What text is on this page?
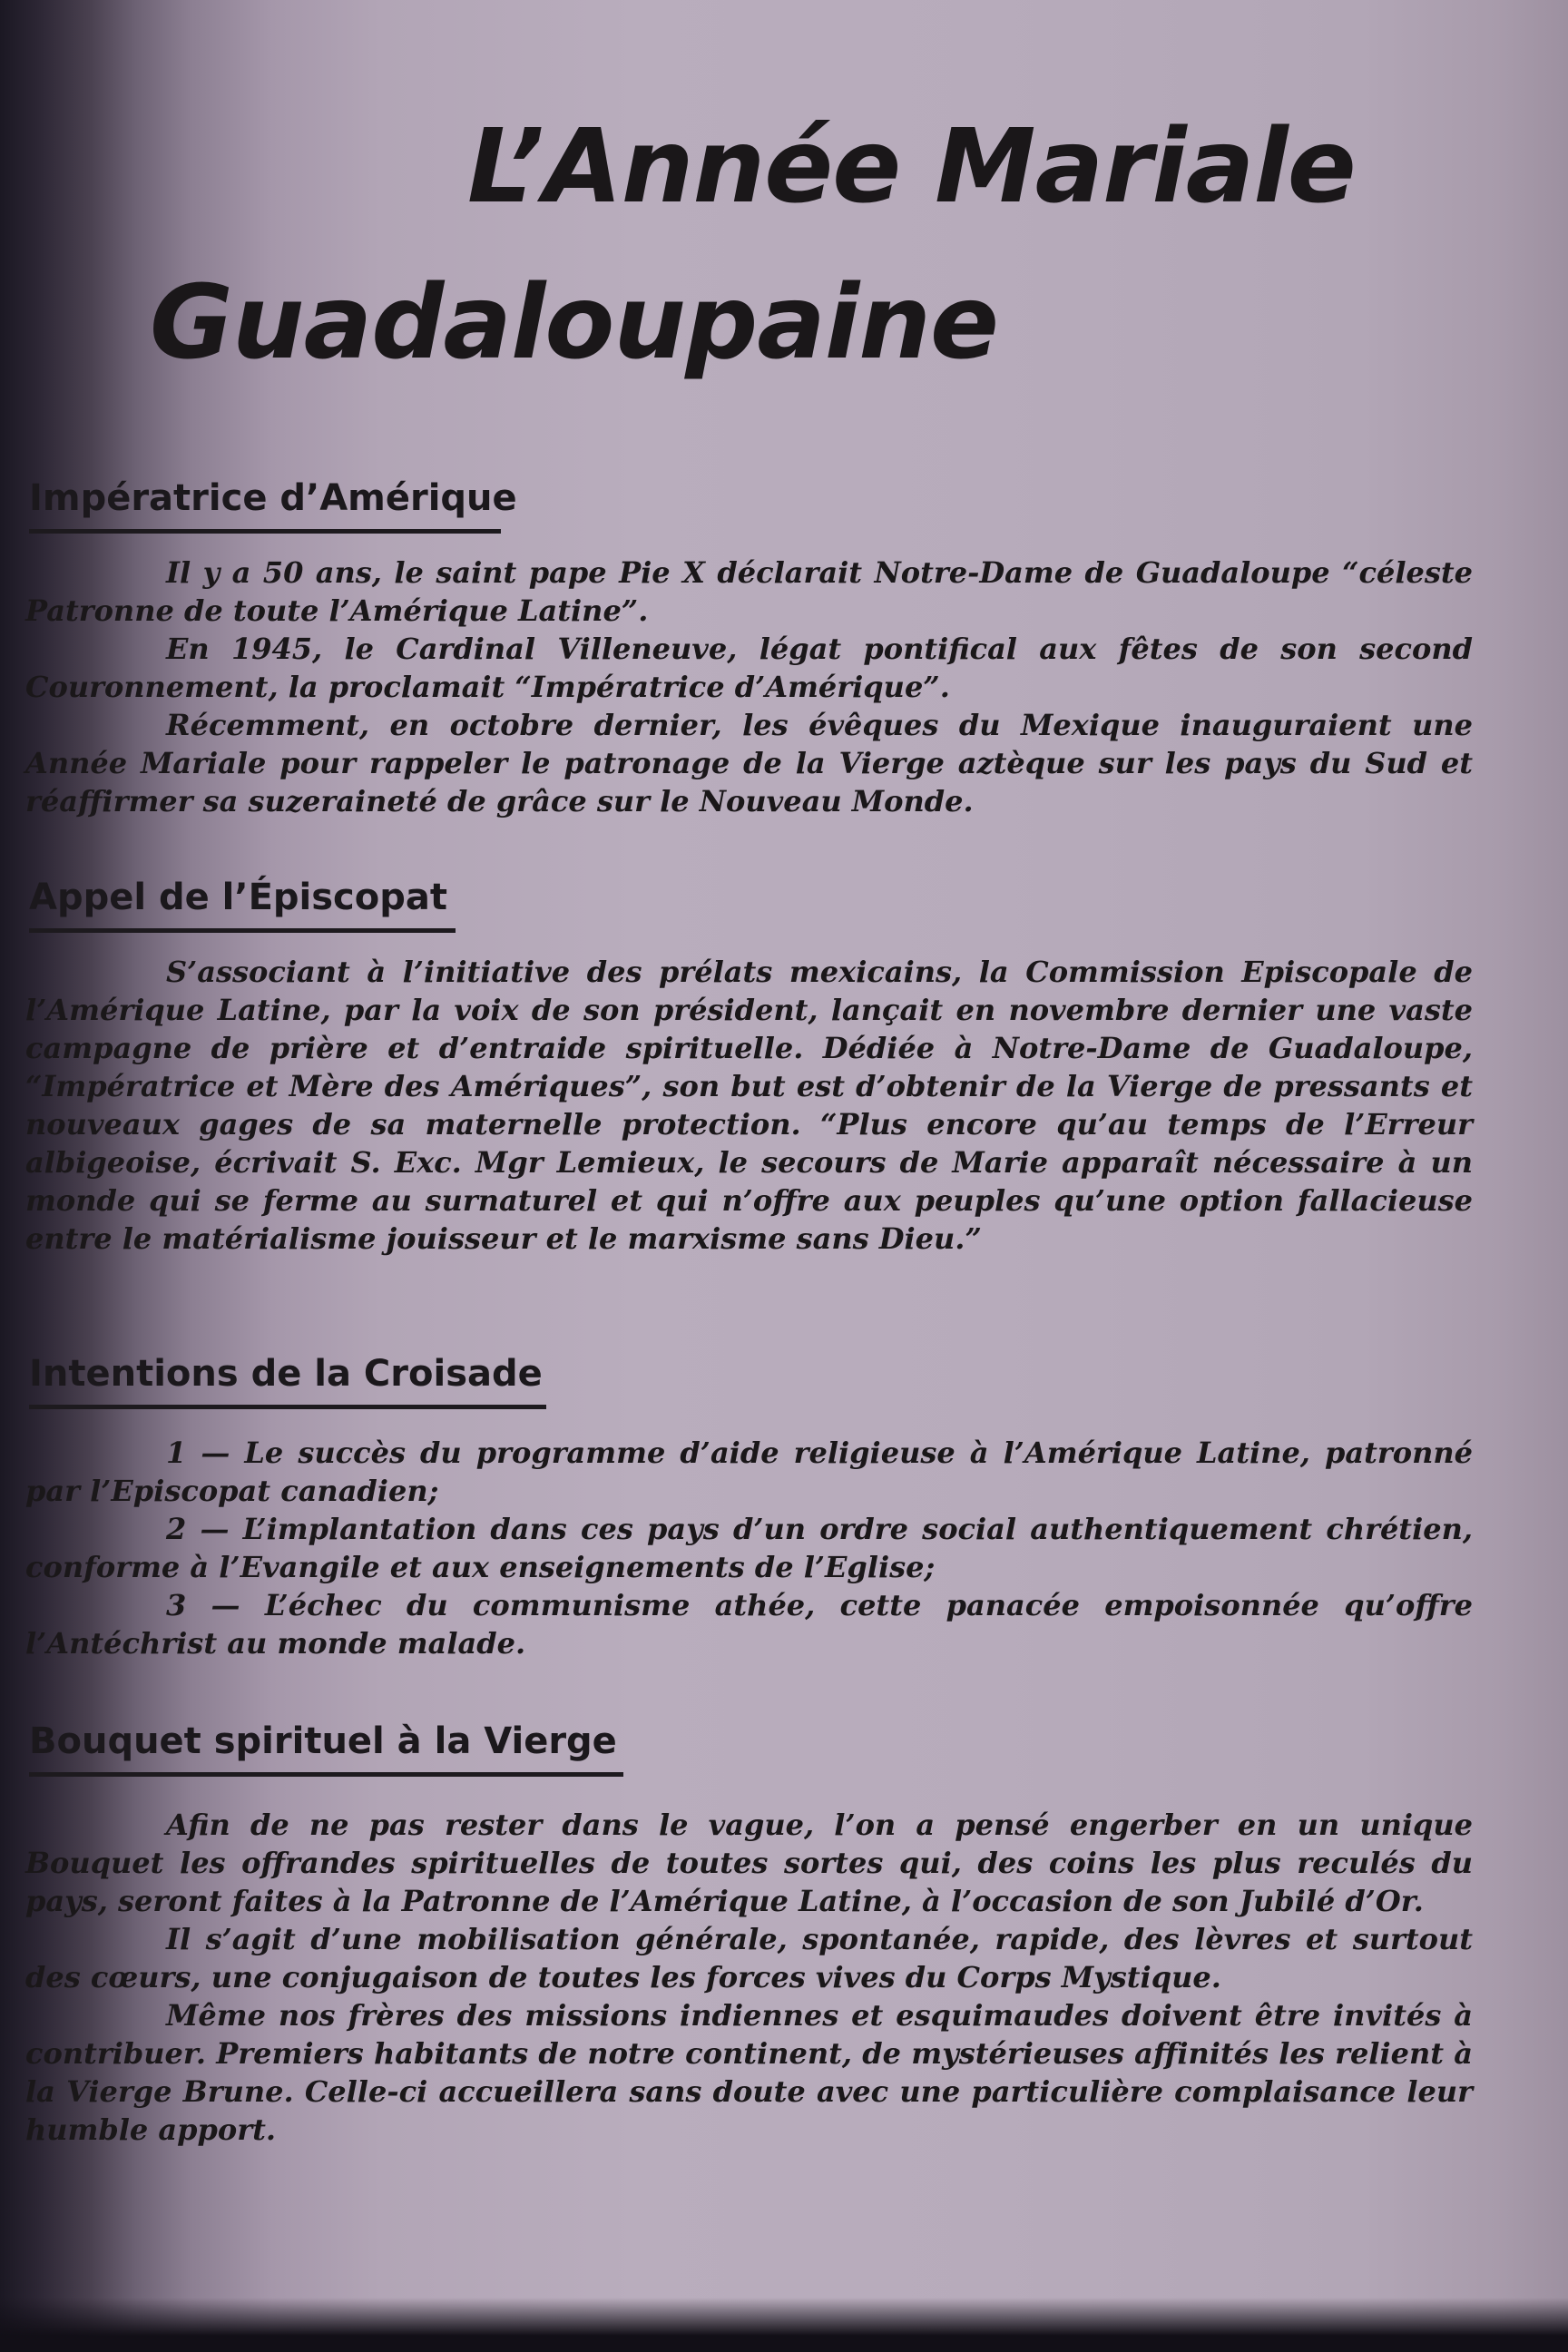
L’Année Mariale
Guadaloupaine
Impératrice d’Amérique

Il y a 50 ans, le saint pape Pie X déclarait Notre-Dame de Guadaloupe “céleste Patronne de toute l’Amérique Latine”.

En 1945, le Cardinal Villeneuve, légat pontifical aux fêtes de son second Couronnement, la proclamait “Impératrice d’Amérique”.

Récemment, en octobre dernier, les évêques du Mexique inauguraient une Année Mariale pour rappeler le patronage de la Vierge aztèque sur les pays du Sud et réaffirmer sa suzeraineté de grâce sur le Nouveau Monde.

Appel de l’Épiscopat

S’associant à l’initiative des prélats mexicains, la Commission Episcopale de l’Amérique Latine, par la voix de son président, lançait en novembre dernier une vaste campagne de prière et d’entraide spirituelle. Dédiée à Notre-Dame de Guadaloupe, “Impératrice et Mère des Amériques”, son but est d’obtenir de la Vierge de pressants et nouveaux gages de sa maternelle protection. “Plus encore qu’au temps de l’Erreur albigeoise, écrivait S. Exc. Mgr Lemieux, le secours de Marie apparaît nécessaire à un monde qui se ferme au surnaturel et qui n’offre aux peuples qu’une option fallacieuse entre le matérialisme jouisseur et le marxisme sans Dieu.”

Intentions de la Croisade

1 — Le succès du programme d’aide religieuse à l’Amérique Latine, patronné par l’Episcopat canadien;

2 — L’implantation dans ces pays d’un ordre social authentiquement chrétien, conforme à l’Evangile et aux enseignements de l’Eglise;

3 — L’échec du communisme athée, cette panacée empoisonnée qu’offre l’Antéchrist au monde malade.

Bouquet spirituel à la Vierge

Afin de ne pas rester dans le vague, l’on a pensé engerber en un unique Bouquet les offrandes spirituelles de toutes sortes qui, des coins les plus reculés du pays, seront faites à la Patronne de l’Amérique Latine, à l’occasion de son Jubilé d’Or.

Il s’agit d’une mobilisation générale, spontanée, rapide, des lèvres et surtout des cœurs, une conjugaison de toutes les forces vives du Corps Mystique.

Même nos frères des missions indiennes et esquimaudes doivent être invités à contribuer. Premiers habitants de notre continent, de mystérieuses affinités les relient à la Vierge Brune. Celle-ci accueillera sans doute avec une particulière complaisance leur humble apport.
